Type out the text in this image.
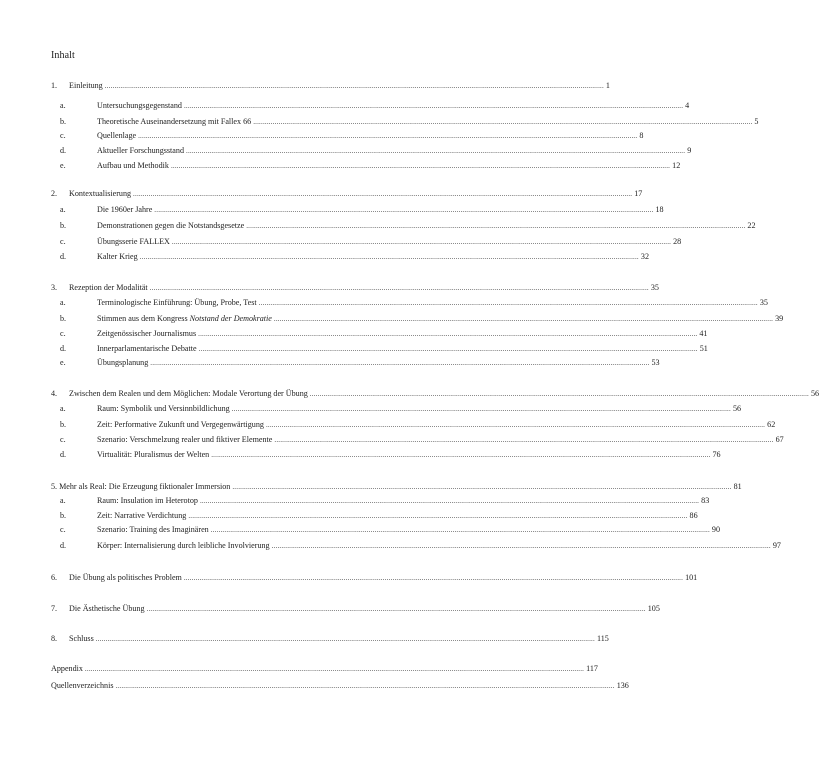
Inhalt
1.	Einleitung .....	1
a.	Untersuchungsgegenstand .....	4
b.	Theoretische Auseinandersetzung mit Fallex 66 .....	5
c.	Quellenlage .....	8
d.	Aktueller Forschungsstand .....	9
e.	Aufbau und Methodik .....	12
2.	Kontextualisierung .....	17
a.	Die 1960er Jahre .....	18
b.	Demonstrationen gegen die Notstandsgesetze .....	22
c.	Übungsserie FALLEX .....	28
d.	Kalter Krieg .....	32
3.	Rezeption der Modalität .....	35
a.	Terminologische Einführung: Übung, Probe, Test .....	35
b.	Stimmen aus dem Kongress Notstand der Demokratie .....	39
c.	Zeitgenössischer Journalismus .....	41
d.	Innerparlamentarische Debatte .....	51
e.	Übungsplanung .....	53
4.	Zwischen dem Realen und dem Möglichen: Modale Verortung der Übung .....	56
a.	Raum: Symbolik und Versinnbildlichung .....	56
b.	Zeit: Performative Zukunft und Vergegenwärtigung .....	62
c.	Szenario: Verschmelzung realer und fiktiver Elemente .....	67
d.	Virtualität: Pluralismus der Welten .....	76
5. Mehr als Real: Die Erzeugung fiktionaler Immersion .....	81
a.	Raum: Insulation im Heterotop .....	83
b.	Zeit: Narrative Verdichtung .....	86
c.	Szenario: Training des Imaginären .....	90
d.	Körper: Internalisierung durch leibliche Involvierung .....	97
6.	Die Übung als politisches Problem .....	101
7.	Die Ästhetische Übung .....	105
8.	Schluss .....	115
Appendix .....	117
Quellenverzeichnis .....	136
